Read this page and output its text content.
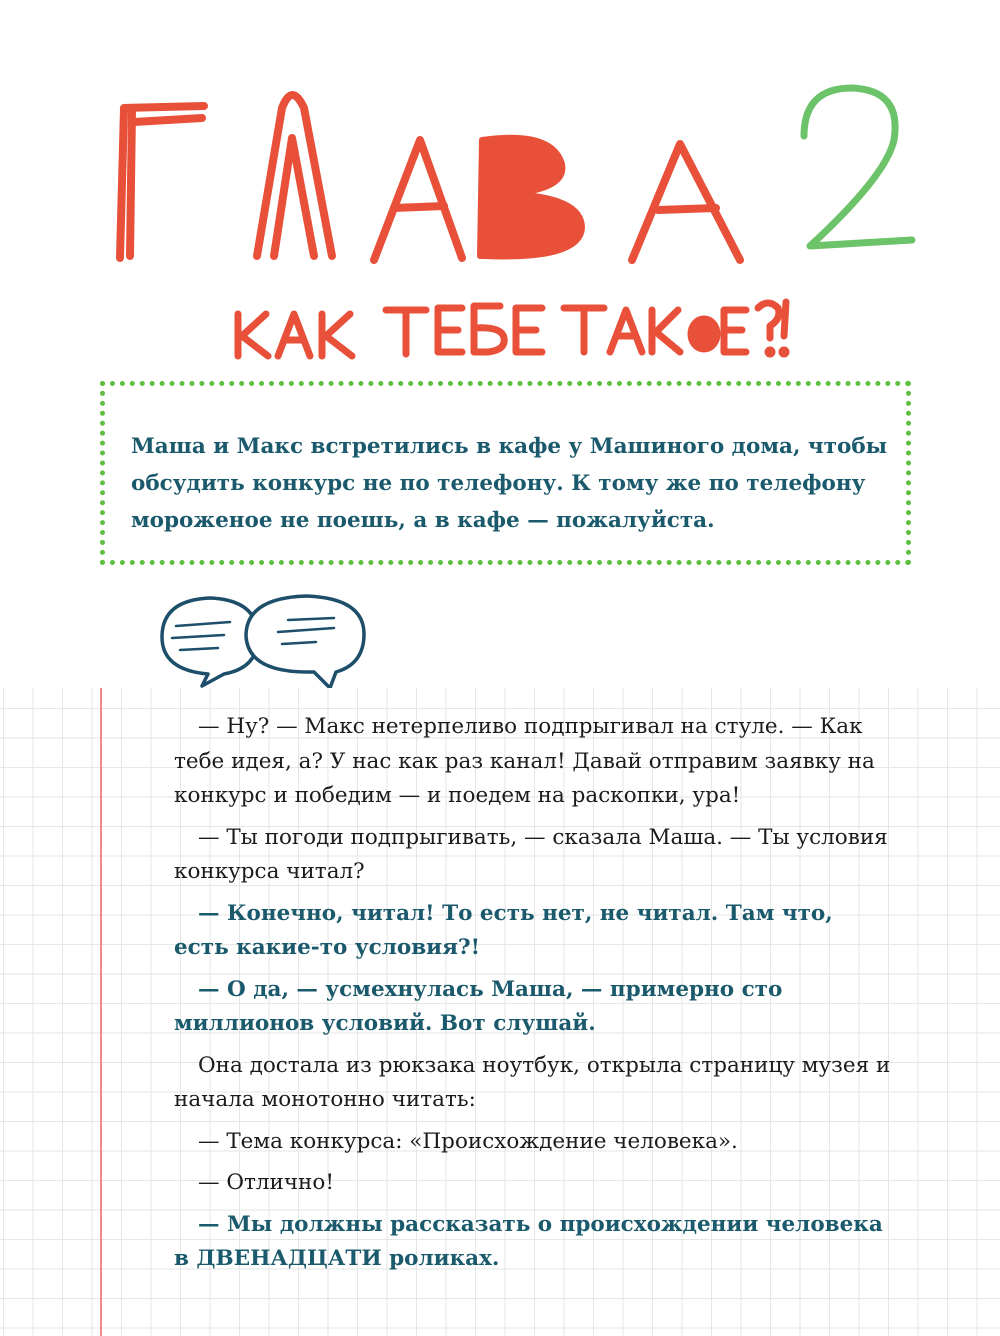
Маша и Макс встретились в кафе у Машиного дома, чтобы обсудить конкурс не по телефону. К тому же по телефону мороженое не поешь, а в кафе — пожалуйста.

— Ну? — Макс нетерпеливо подпрыгивал на стуле. — Как тебе идея, а? У нас как раз канал! Давай отправим заявку на конкурс и победим — и поедем на раскопки, ура!

— Ты погоди подпрыгивать, — сказала Маша. — Ты условия конкурса читал?

— Конечно, читал! То есть нет, не читал. Там что, есть какие-то условия?!

— О да, — усмехнулась Маша, — примерно сто миллионов условий. Вот слушай.

Она достала из рюкзака ноутбук, открыла страницу музея и начала монотонно читать:

— Тема конкурса: «Происхождение человека».

— Отлично!

— Мы должны рассказать о происхождении человека в ДВЕНАДЦАТИ роликах.
